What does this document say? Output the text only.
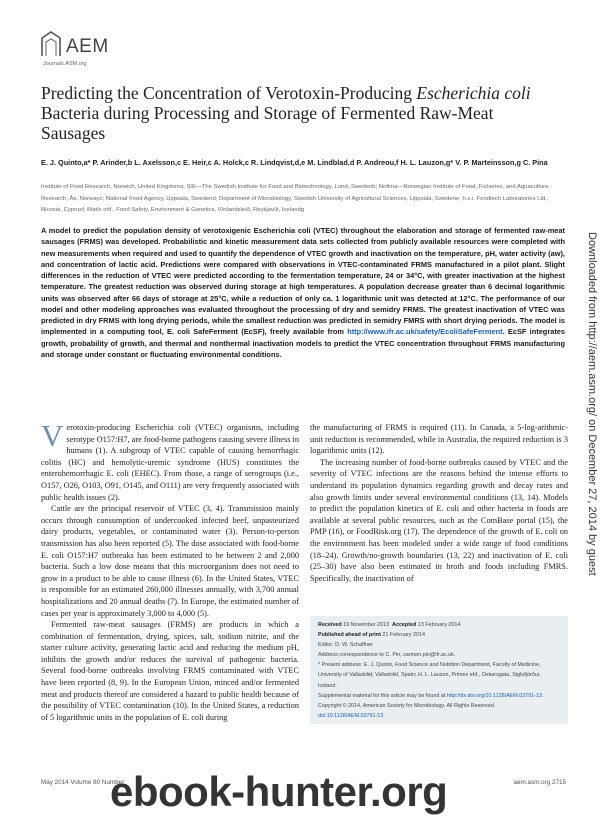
AEM
Journals.ASM.org
Predicting the Concentration of Verotoxin-Producing Escherichia coli Bacteria during Processing and Storage of Fermented Raw-Meat Sausages
E. J. Quinto,a* P. Arinder,b L. Axelsson,c E. Heir,c A. Holck,c R. Lindqvist,d,e M. Lindblad,d P. Andreou,f H. L. Lauzon,g* V. P. Marteinsson,g C. Pina
Institute of Food Research, Norwich, United Kingdoma; SIK—The Swedish Institute for Food and Biotechnology, Lund, Swedenb; Nofima—Norwegian Institute of Food, Fisheries, and Aquaculture Research, Ås, Norwayc; National Food Agency, Uppsala, Swedend; Department of Microbiology, Swedish University of Agricultural Sciences, Uppsala, Swedene; h.s.i. Foodtech Laboratories Ltd., Nicosia, Cyprusf; Matís ohf., Food Safety, Environment & Genetics, Vínlandsleið, Reykjavík, Icelandg
A model to predict the population density of verotoxigenic Escherichia coli (VTEC) throughout the elaboration and storage of fermented raw-meat sausages (FRMS) was developed. Probabilistic and kinetic measurement data sets collected from publicly available resources were completed with new measurements when required and used to quantify the dependence of VTEC growth and inactivation on the temperature, pH, water activity (aw), and concentration of lactic acid. Predictions were compared with observations in VTEC-contaminated FRMS manufactured in a pilot plant. Slight differences in the reduction of VTEC were predicted according to the fermentation temperature, 24 or 34°C, with greater inactivation at the highest temperature. The greatest reduction was observed during storage at high temperatures. A population decrease greater than 6 decimal logarithmic units was observed after 66 days of storage at 25°C, while a reduction of only ca. 1 logarithmic unit was detected at 12°C. The performance of our model and other modeling approaches was evaluated throughout the processing of dry and semidry FRMS. The greatest inactivation of VTEC was predicted in dry FRMS with long drying periods, while the smallest reduction was predicted in semidry FMRS with short drying periods. The model is implemented in a computing tool, E. coli SafeFerment (EcSF), freely available from http://www.ifr.ac.uk/safety/EcoliSafeFerment. EcSF integrates growth, probability of growth, and thermal and nonthermal inactivation models to predict the VTEC concentration throughout FRMS manufacturing and storage under constant or fluctuating environmental conditions.

Verotoxin-producing Escherichia coli (VTEC) organisms, including serotype O157:H7, are food-borne pathogens causing severe illness in humans (1). A subgroup of VTEC capable of causing hemorrhagic colitis (HC) and hemolytic-uremic syndrome (HUS) constitutes the enterohemorrhagic E. coli (EHEC). From those, a range of serogroups (i.e., O157, O26, O103, O91, O145, and O111) are very frequently associated with public health issues (2).

Cattle are the principal reservoir of VTEC (3, 4). Transmission mainly occurs through consumption of undercooked infected beef, unpasteurized dairy products, vegetables, or contaminated water (3). Person-to-person transmission has also been reported (5). The dose associated with food-borne E. coli O157:H7 outbreaks has been estimated to be between 2 and 2,000 bacteria. Such a low dose means that this microorganism does not need to grow in a product to be able to cause illness (6). In the United States, VTEC is responsible for an estimated 260,000 illnesses annually, with 3,700 annual hospitalizations and 20 annual deaths (7). In Europe, the estimated number of cases per year is approximately 3,000 to 4,000 (5).

Fermented raw-meat sausages (FRMS) are products in which a combination of fermentation, drying, spices, salt, sodium nitrite, and the starter culture activity, generating lactic acid and reducing the medium pH, inhibits the growth and/or reduces the survival of pathogenic bacteria. Several food-borne outbreaks involving FRMS contaminated with VTEC have been reported (8, 9). In the European Union, minced and/or fermented meat and products thereof are considered a hazard to public health because of the possibility of VTEC contamination (10). In the United States, a reduction of 5 logarithmic units in the population of E. coli during

the manufacturing of FRMS is required (11). In Canada, a 5-log-arithmic-unit reduction is recommended, while in Australia, the required reduction is 3 logarithmic units (12).

The increasing number of food-borne outbreaks caused by VTEC and the severity of VTEC infections are the reasons behind the intense efforts to understand its population dynamics regarding growth and decay rates and also growth limits under several environmental conditions (13, 14). Models to predict the population kinetics of E. coli and other bacteria in foods are available at several public resources, such as the ComBase portal (15), the PMP (16), or FoodRisk.org (17). The dependence of the growth of E. coli on the environment has been modeled under a wide range of food conditions (18–24). Growth/no-growth boundaries (13, 22) and inactivation of E. coli (25–30) have also been estimated in broth and foods including FMRS. Specifically, the inactivation of

Received 19 November 2013 Accepted 13 February 2014
Published ahead of print 21 February 2014
Editor: D. W. Schaffner
Address correspondence to C. Pin, carmen.pin@ifr.ac.uk.
* Present address: E. J. Quinto, Food Science and Nutrition Department, Faculty of Medicine, University of Valladolid, Valladolid, Spain; H. L. Lauzon, Primex ehf., Oskarsgata, Siglufjörður, Iceland.
Supplemental material for this article may be found at http://dx.doi.org/10.1128/AEM.03791-13.
Copyright © 2014, American Society for Microbiology. All Rights Reserved.
doi:10.1128/AEM.03791-13
May 2014 Volume 80 Number	aem.asm.org 2715
Downloaded from http://aem.asm.org/ on December 27, 2014 by guest
ebook-hunter.org
